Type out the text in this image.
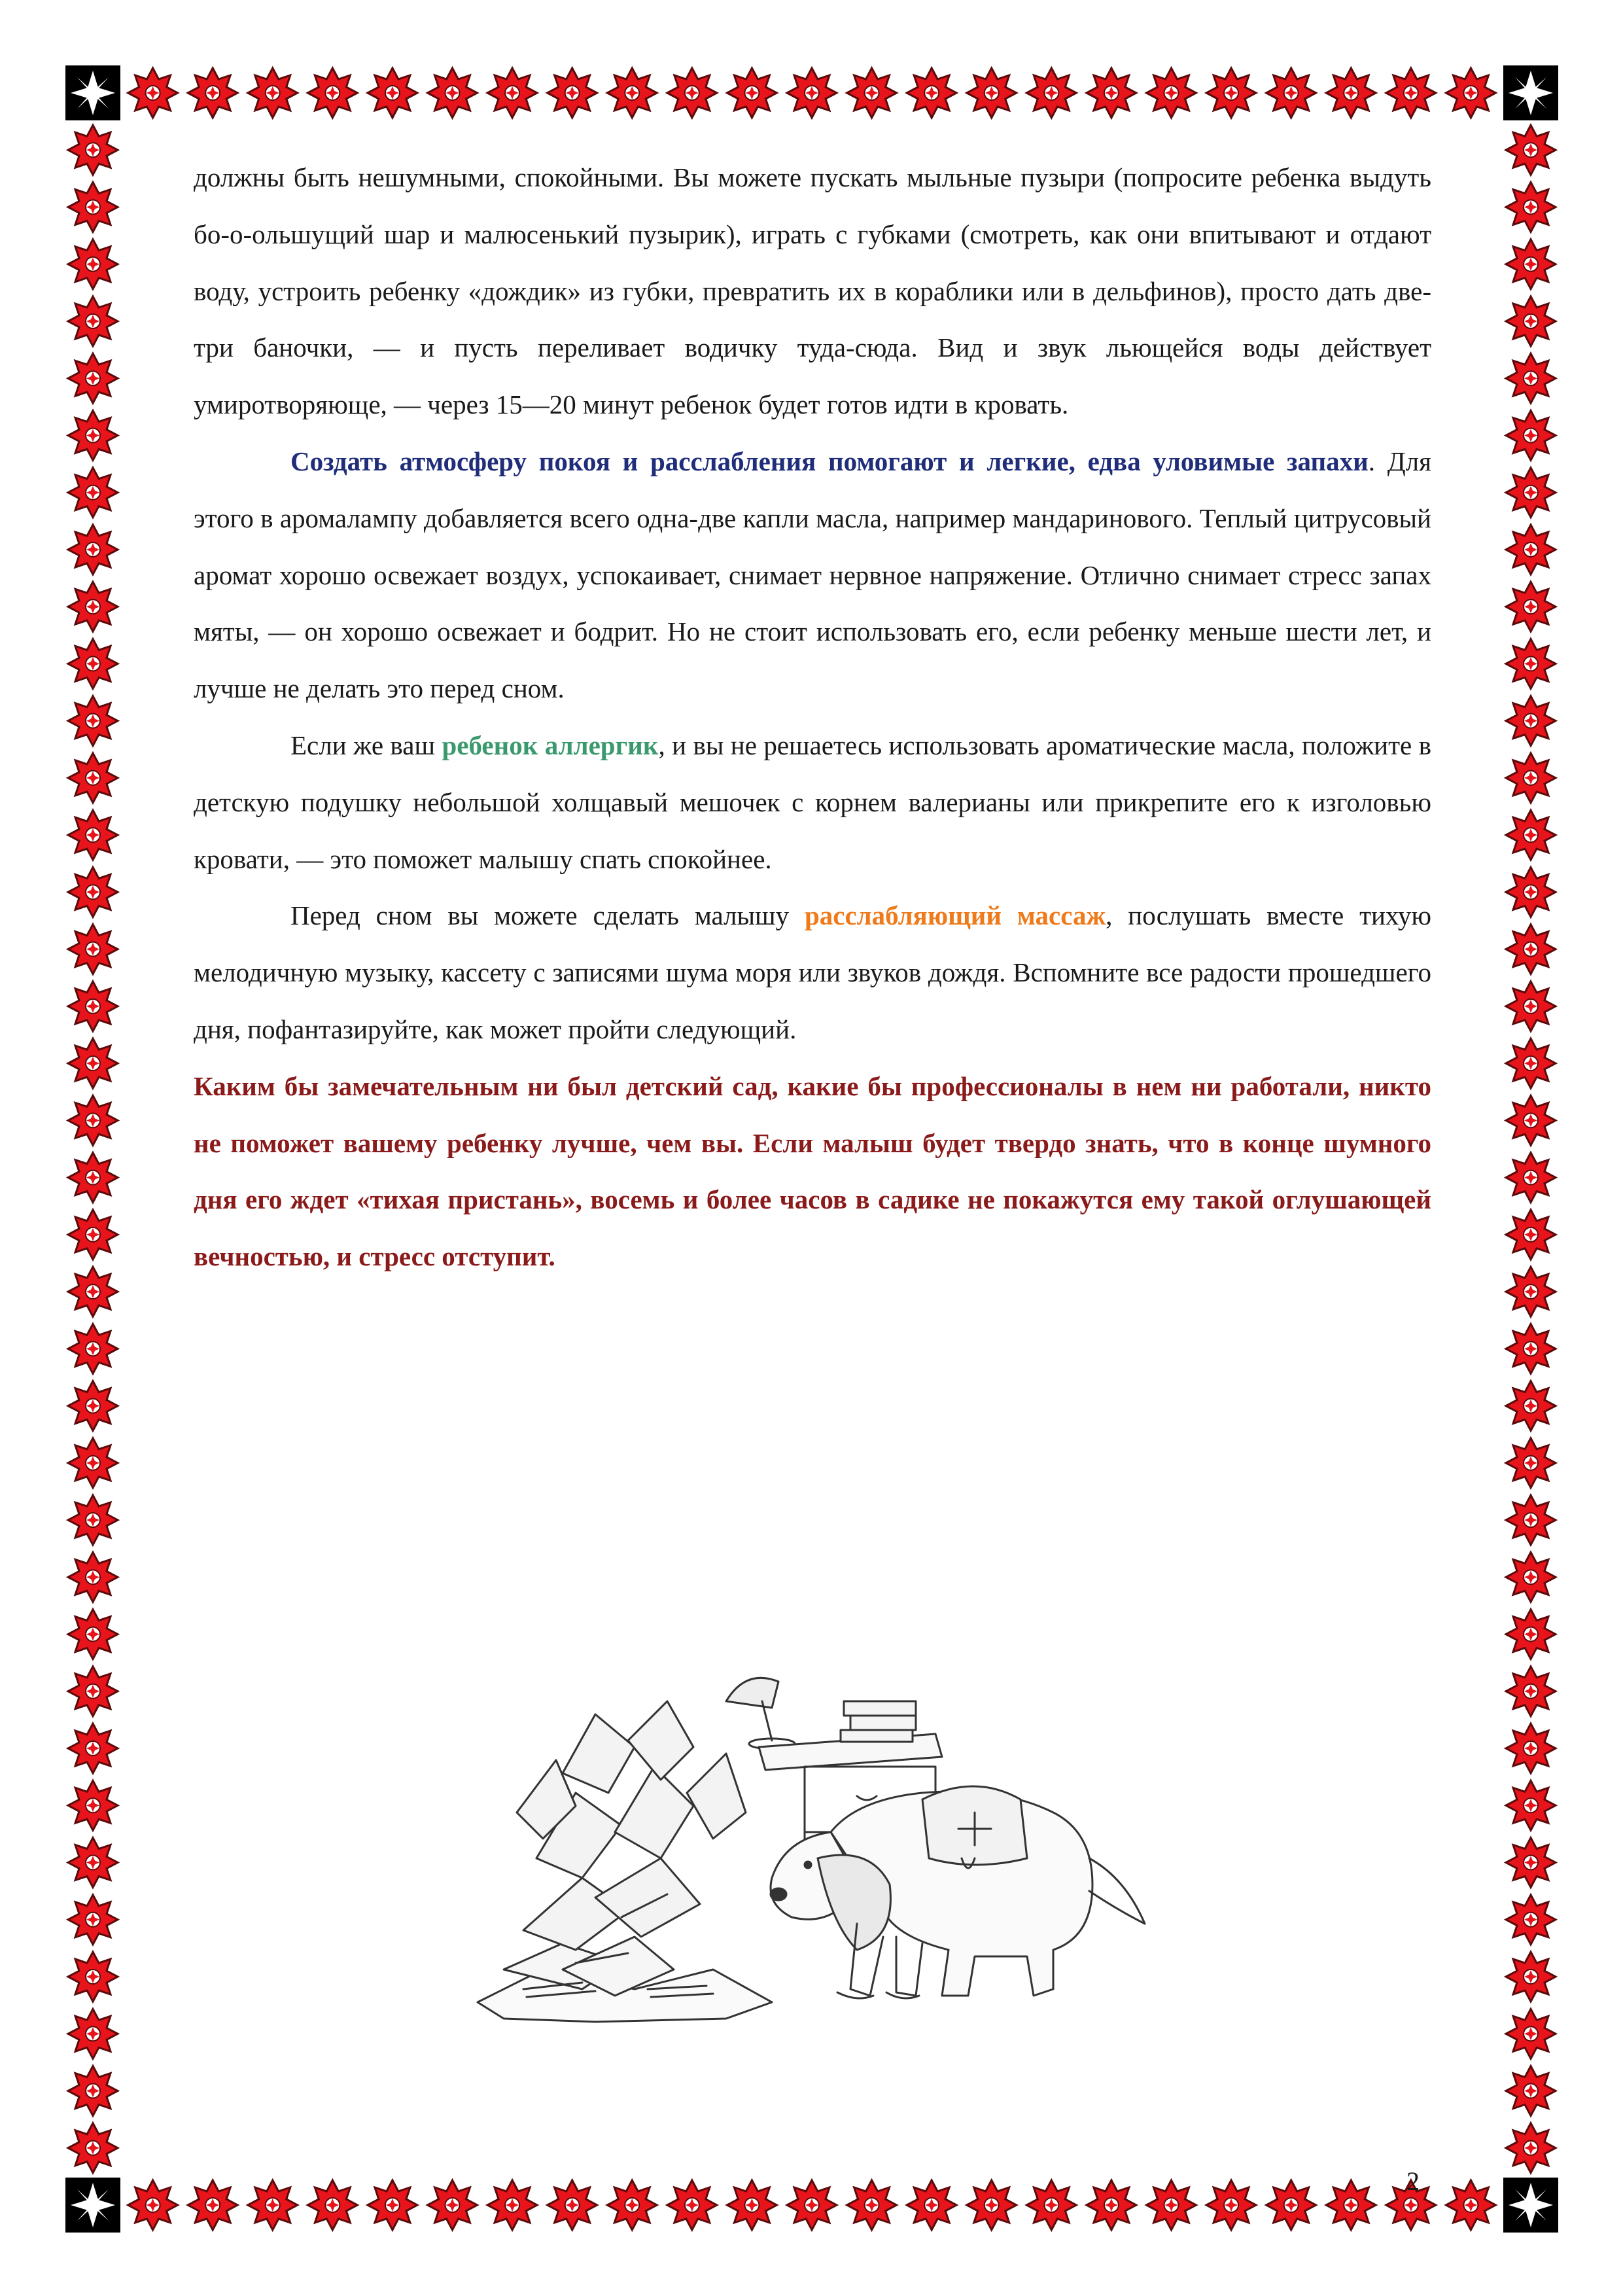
должны быть нешумными, спокойными. Вы можете пускать мыльные пузыри (попросите ребенка выдуть бо-о-ольшущий шар и малюсенький пузырик), играть с губками (смотреть, как они впитывают и отдают воду, устроить ребенку «дождик» из губки, превратить их в кораблики или в дельфинов), просто дать две-три баночки, — и пусть переливает водичку туда-сюда. Вид и звук льющейся воды действует умиротворяюще, — через 15—20 минут ребенок будет готов идти в кровать.

Создать атмосферу покоя и расслабления помогают и легкие, едва уловимые запахи. Для этого в аромалампу добавляется всего одна-две капли масла, например мандаринового. Теплый цитрусовый аромат хорошо освежает воздух, успокаивает, снимает нервное напряжение. Отлично снимает стресс запах мяты, — он хорошо освежает и бодрит. Но не стоит использовать его, если ребенку меньше шести лет, и лучше не делать это перед сном.

Если же ваш ребенок аллергик, и вы не решаетесь использовать ароматические масла, положите в детскую подушку небольшой холщавый мешочек с корнем валерианы или прикрепите его к изголовью кровати, — это поможет малышу спать спокойнее.

Перед сном вы можете сделать малышу расслабляющий массаж, послушать вместе тихую мелодичную музыку, кассету с записями шума моря или звуков дождя. Вспомните все радости прошедшего дня, пофантазируйте, как может пройти следующий.

Каким бы замечательным ни был детский сад, какие бы профессионалы в нем ни работали, никто не поможет вашему ребенку лучше, чем вы. Если малыш будет твердо знать, что в конце шумного дня его ждет «тихая пристань», восемь и более часов в садике не покажутся ему такой оглушающей вечностью, и стресс отступит.

2
